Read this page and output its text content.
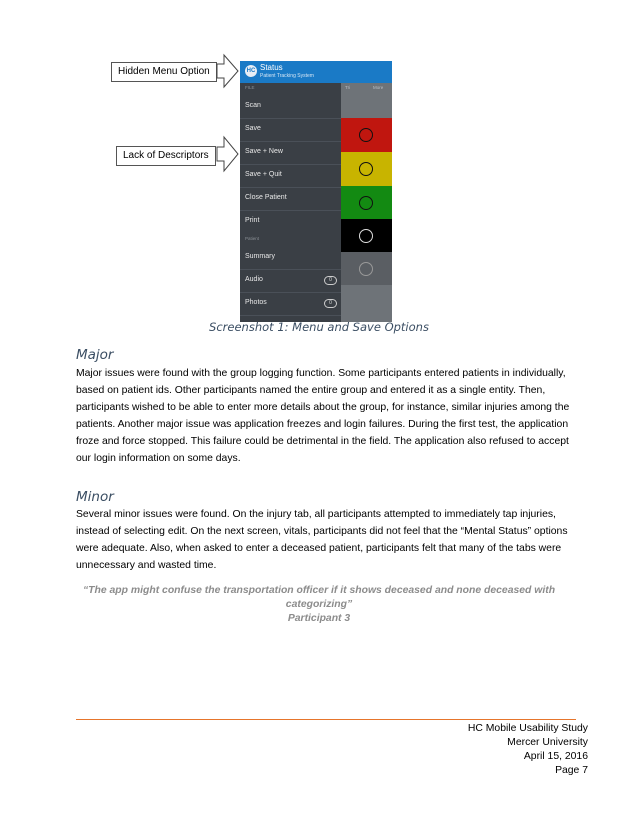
Hidden Menu Option
Lack of Descriptors
HC Status
Patient Tracking System
Tri	More
FILE
Scan
Save
Save + New
Save + Quit
Close Patient
Print
Patient
Summary
Audio	0
Photos	0
Screenshot 1: Menu and Save Options
Major

Major issues were found with the group logging function. Some participants entered patients in individually, based on patient ids. Other participants named the entire group and entered it as a single entity. Then, participants wished to be able to enter more details about the group, for instance, similar injuries among the patients. Another major issue was application freezes and login failures. During the first test, the application froze and force stopped. This failure could be detrimental in the field. The application also refused to accept our login information on some days.

Minor

Several minor issues were found. On the injury tab, all participants attempted to immediately tap injuries, instead of selecting edit. On the next screen, vitals, participants did not feel that the “Mental Status” options were adequate. Also, when asked to enter a deceased patient, participants felt that many of the tabs were unnecessary and wasted time.

“The app might confuse the transportation officer if it shows deceased and none deceased with categorizing”
Participant 3
HC Mobile Usability Study
Mercer University
April 15, 2016
Page 7
